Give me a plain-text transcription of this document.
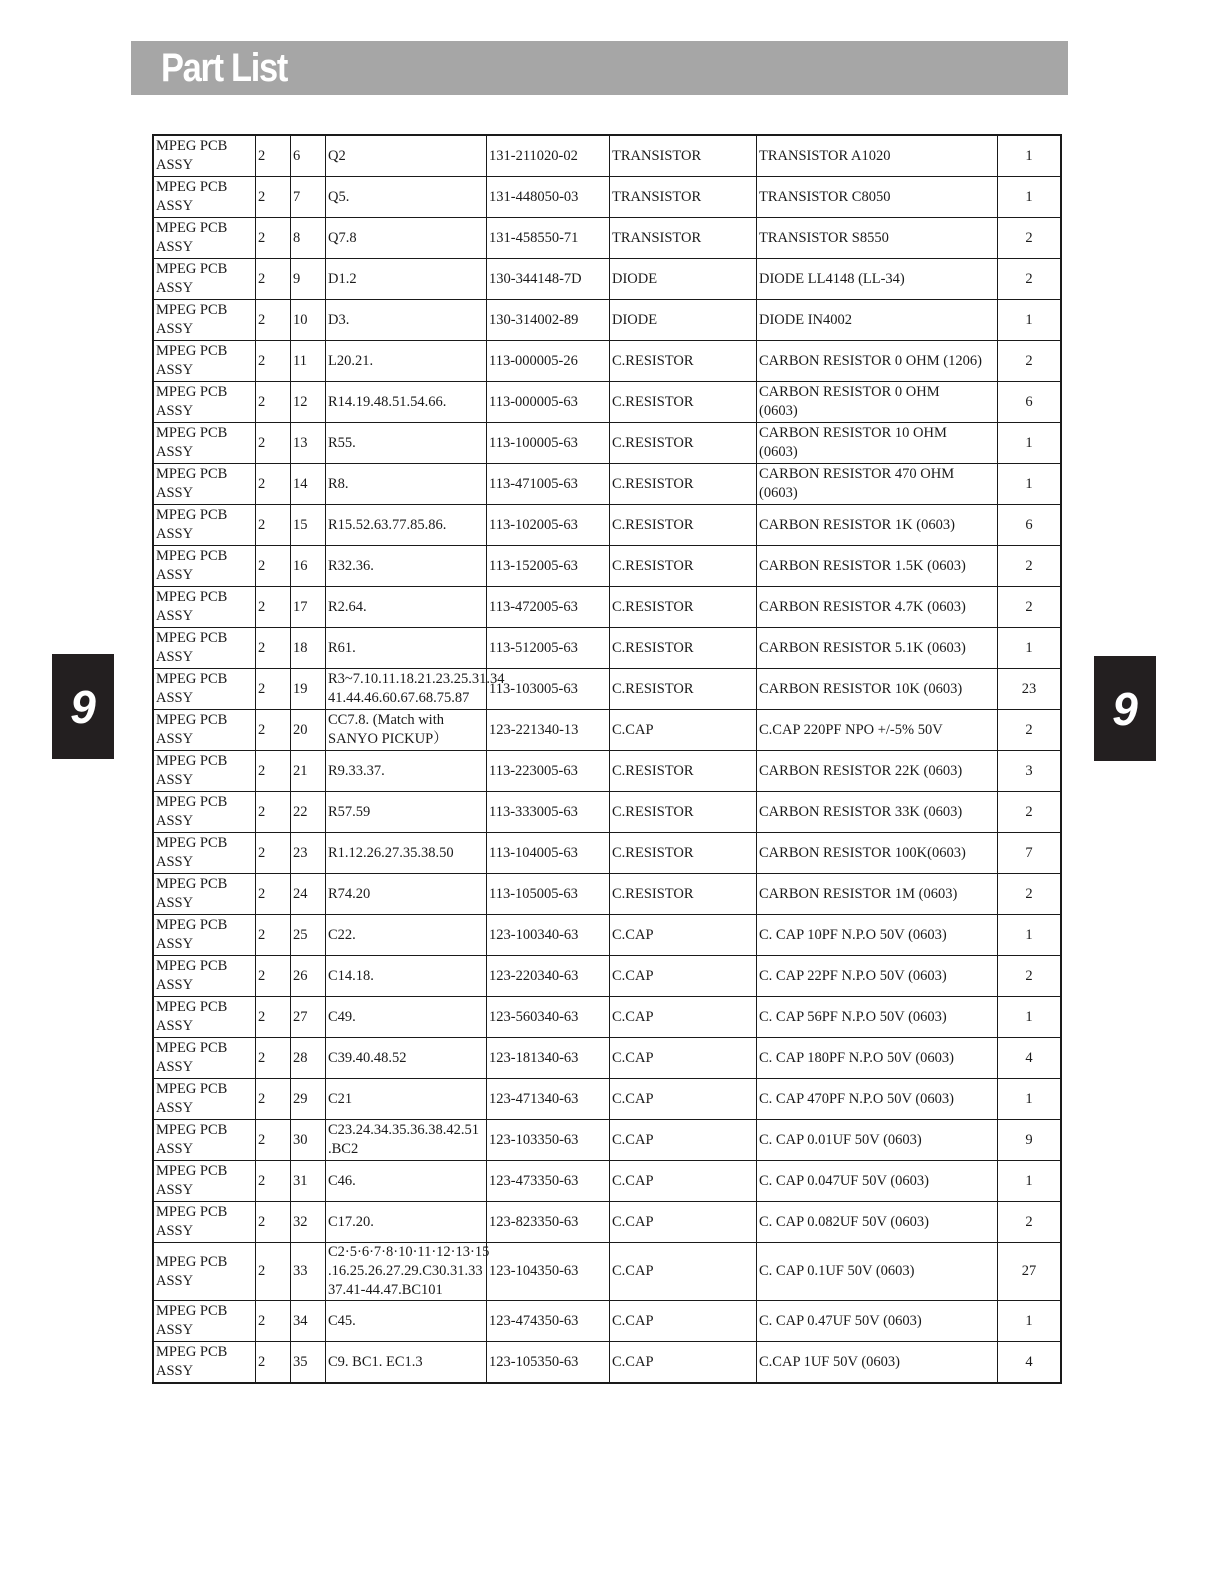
Part List
9	9
MPEG PCB
ASSY	2	6	Q2	131-211020-02	TRANSISTOR	TRANSISTOR A1020	1
MPEG PCB
ASSY	2	7	Q5.	131-448050-03	TRANSISTOR	TRANSISTOR C8050	1
MPEG PCB
ASSY	2	8	Q7.8	131-458550-71	TRANSISTOR	TRANSISTOR S8550	2
MPEG PCB
ASSY	2	9	D1.2	130-344148-7D	DIODE	DIODE LL4148 (LL-34)	2
MPEG PCB
ASSY	2	10	D3.	130-314002-89	DIODE	DIODE IN4002	1
MPEG PCB
ASSY	2	11	L20.21.	113-000005-26	C.RESISTOR	CARBON RESISTOR 0 OHM (1206)	2
MPEG PCB
ASSY	2	12	R14.19.48.51.54.66.	113-000005-63	C.RESISTOR	CARBON RESISTOR 0 OHM
(0603)	6
MPEG PCB
ASSY	2	13	R55.	113-100005-63	C.RESISTOR	CARBON RESISTOR 10 OHM
(0603)	1
MPEG PCB
ASSY	2	14	R8.	113-471005-63	C.RESISTOR	CARBON RESISTOR 470 OHM
(0603)	1
MPEG PCB
ASSY	2	15	R15.52.63.77.85.86.	113-102005-63	C.RESISTOR	CARBON RESISTOR 1K (0603)	6
MPEG PCB
ASSY	2	16	R32.36.	113-152005-63	C.RESISTOR	CARBON RESISTOR 1.5K (0603)	2
MPEG PCB
ASSY	2	17	R2.64.	113-472005-63	C.RESISTOR	CARBON RESISTOR 4.7K (0603)	2
MPEG PCB
ASSY	2	18	R61.	113-512005-63	C.RESISTOR	CARBON RESISTOR 5.1K (0603)	1
MPEG PCB
ASSY	2	19	R3~7.10.11.18.21.23.25.31.34
41.44.46.60.67.68.75.87	113-103005-63	C.RESISTOR	CARBON RESISTOR 10K (0603)	23
MPEG PCB
ASSY	2	20	CC7.8. (Match with
SANYO PICKUP）	123-221340-13	C.CAP	C.CAP 220PF NPO +/-5% 50V	2
MPEG PCB
ASSY	2	21	R9.33.37.	113-223005-63	C.RESISTOR	CARBON RESISTOR 22K (0603)	3
MPEG PCB
ASSY	2	22	R57.59	113-333005-63	C.RESISTOR	CARBON RESISTOR 33K (0603)	2
MPEG PCB
ASSY	2	23	R1.12.26.27.35.38.50	113-104005-63	C.RESISTOR	CARBON RESISTOR 100K(0603)	7
MPEG PCB
ASSY	2	24	R74.20	113-105005-63	C.RESISTOR	CARBON RESISTOR 1M (0603)	2
MPEG PCB
ASSY	2	25	C22.	123-100340-63	C.CAP	C. CAP 10PF N.P.O 50V (0603)	1
MPEG PCB
ASSY	2	26	C14.18.	123-220340-63	C.CAP	C. CAP 22PF N.P.O 50V (0603)	2
MPEG PCB
ASSY	2	27	C49.	123-560340-63	C.CAP	C. CAP 56PF N.P.O 50V (0603)	1
MPEG PCB
ASSY	2	28	C39.40.48.52	123-181340-63	C.CAP	C. CAP 180PF N.P.O 50V (0603)	4
MPEG PCB
ASSY	2	29	C21	123-471340-63	C.CAP	C. CAP 470PF N.P.O 50V (0603)	1
MPEG PCB
ASSY	2	30	C23.24.34.35.36.38.42.51
.BC2	123-103350-63	C.CAP	C. CAP 0.01UF 50V (0603)	9
MPEG PCB
ASSY	2	31	C46.	123-473350-63	C.CAP	C. CAP 0.047UF 50V (0603)	1
MPEG PCB
ASSY	2	32	C17.20.	123-823350-63	C.CAP	C. CAP 0.082UF 50V (0603)	2
MPEG PCB
ASSY	2	33	C2·5·6·7·8·10·11·12·13·15
.16.25.26.27.29.C30.31.33
37.41-44.47.BC101	123-104350-63	C.CAP	C. CAP 0.1UF 50V (0603)	27
MPEG PCB
ASSY	2	34	C45.	123-474350-63	C.CAP	C. CAP 0.47UF 50V (0603)	1
MPEG PCB
ASSY	2	35	C9. BC1. EC1.3	123-105350-63	C.CAP	C.CAP 1UF 50V (0603)	4
